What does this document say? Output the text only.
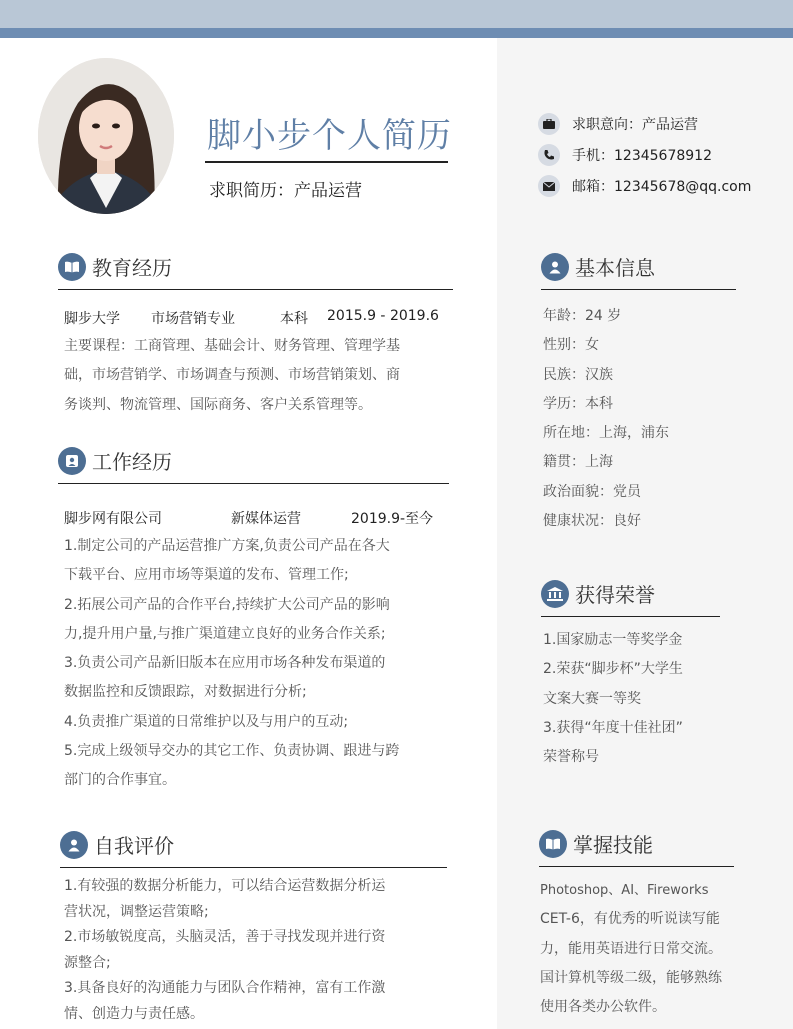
脚小步个人简历
求职简历：产品运营
求职意向：产品运营
手机：12345678912
邮箱：12345678@qq.com
教育经历
脚步大学 市场营销专业	本科 2015.9 - 2019.6
主要课程：工商管理、基础会计、财务管理、管理学基
础，市场营销学、市场调查与预测、市场营销策划、商
务谈判、物流管理、国际商务、客户关系管理等。
工作经历
脚步网有限公司	新媒体运营	2019.9-至今
1.制定公司的产品运营推广方案,负责公司产品在各大
下载平台、应用市场等渠道的发布、管理工作;
2.拓展公司产品的合作平台,持续扩大公司产品的影响
力,提升用户量,与推广渠道建立良好的业务合作关系;
3.负责公司产品新旧版本在应用市场各种发布渠道的
数据监控和反馈跟踪，对数据进行分析;
4.负责推广渠道的日常维护以及与用户的互动;
5.完成上级领导交办的其它工作、负责协调、跟进与跨
部门的合作事宜。
自我评价
1.有较强的数据分析能力，可以结合运营数据分析运
营状况，调整运营策略;
2.市场敏锐度高，头脑灵活，善于寻找发现并进行资
源整合;
3.具备良好的沟通能力与团队合作精神，富有工作激
情、创造力与责任感。
基本信息
年龄：24 岁
性别：女
民族：汉族
学历：本科
所在地：上海，浦东
籍贯：上海
政治面貌：党员
健康状况：良好
获得荣誉
1.国家励志一等奖学金
2.荣获“脚步杯”大学生
文案大赛一等奖
3.获得“年度十佳社团”
荣誉称号
掌握技能
Photoshop、AI、Fireworks
CET-6，有优秀的听说读写能
力，能用英语进行日常交流。
国计算机等级二级，能够熟练
使用各类办公软件。
